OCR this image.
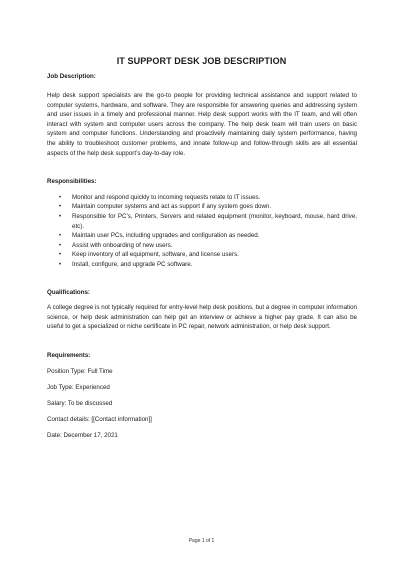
IT SUPPORT DESK JOB DESCRIPTION

Job Description:

Help desk support specialists are the go-to people for providing technical assistance and support related to computer systems, hardware, and software. They are responsible for answering queries and addressing system and user issues in a timely and professional manner. Help desk support works with the IT team, and will often interact with system and computer users across the company. The help desk team will train users on basic system and computer functions. Understanding and proactively maintaining daily system performance, having the ability to troubleshoot customer problems, and innate follow-up and follow-through skills are all essential aspects of the help desk support’s day-to-day role.

Responsibilities:

• Monitor and respond quickly to incoming requests relate to IT issues.
• Maintain computer systems and act as support if any system goes down.
• Responsible for PC’s, Printers, Servers and related equipment (monitor, keyboard, mouse, hard drive, etc).
• Maintain user PCs, including upgrades and configuration as needed.
• Assist with onboarding of new users.
• Keep inventory of all equipment, software, and license users.
• Install, configure, and upgrade PC software.

Qualifications:

A college degree is not typically required for entry-level help desk positions, but a degree in computer information science, or help desk administration can help get an interview or achieve a higher pay grade. It can also be useful to get a specialized or niche certificate in PC repair, network administration, or help desk support.

Requirements:

Position Type: Full Time

Job Type: Experienced

Salary: To be discussed

Contact details: [[Contact information]]

Date: December 17, 2021

Page 1 of 1
